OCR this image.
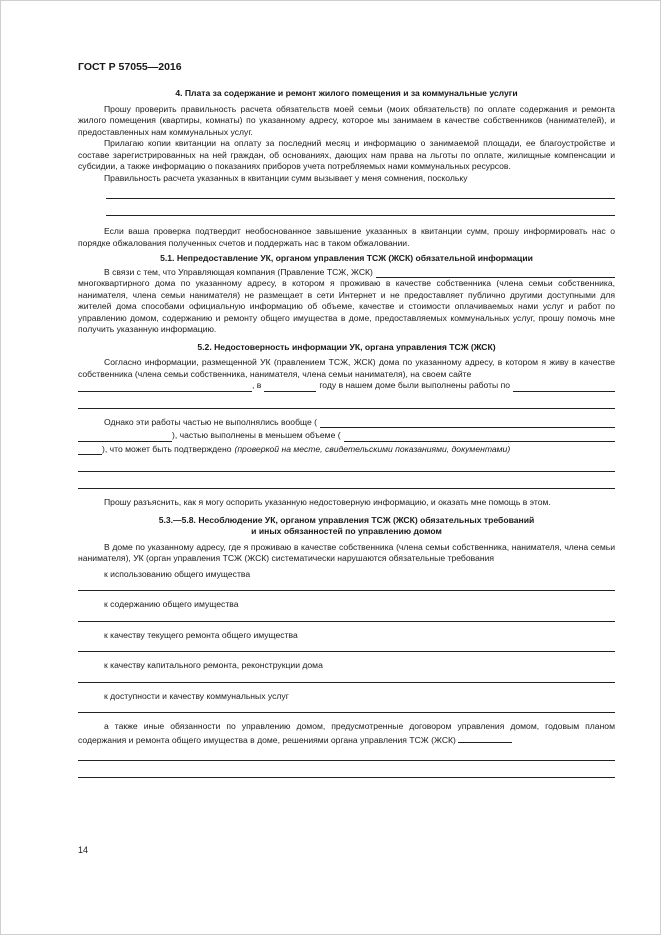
ГОСТ Р 57055—2016

4. Плата за содержание и ремонт жилого помещения и за коммунальные услуги

Прошу проверить правильность расчета обязательств моей семьи (моих обязательств) по оплате содержания и ремонта жилого помещения (квартиры, комнаты) по указанному адресу, которое мы занимаем в качестве собственников (нанимателей), и предоставленных нам коммунальных услуг.

Прилагаю копии квитанции на оплату за последний месяц и информацию о занимаемой площади, ее благоустройстве и составе зарегистрированных на ней граждан, об основаниях, дающих нам права на льготы по оплате, жилищные компенсации и субсидии, а также информацию о показаниях приборов учета потребляемых нами коммунальных ресурсов.

Правильность расчета указанных в квитанции сумм вызывает у меня сомнения, поскольку

Если ваша проверка подтвердит необоснованное завышение указанных в квитанции сумм, прошу информировать нас о порядке обжалования полученных счетов и поддержать нас в таком обжаловании.

5.1. Непредоставление УК, органом управления ТСЖ (ЖСК) обязательной информации

В связи с тем, что Управляющая компания (Правление ТСЖ, ЖСК)

многоквартирного дома по указанному адресу, в котором я проживаю в качестве собственника (члена семьи собственника, нанимателя, члена семьи нанимателя) не размещает в сети Интернет и не предоставляет публично другими доступными для жителей дома способами официальную информацию об объеме, качестве и стоимости оплачиваемых нами услуг и работ по управлению домом, содержанию и ремонту общего имущества в доме, предоставляемых коммунальных услуг, прошу помочь мне получить указанную информацию.

5.2. Недостоверность информации УК, органа управления ТСЖ (ЖСК)

Согласно информации, размещенной УК (правлением ТСЖ, ЖСК) дома по указанному адресу, в котором я живу в качестве собственника (члена семьи собственника, нанимателя, члена семьи нанимателя), на своем сайте

, в	году в нашем доме были выполнены работы по
Однако эти работы частью не выполнялись вообще (
), частью выполнены в меньшем объеме (
), что может быть подтверждено (проверкой на месте, свидетельскими показаниями, документами)

Прошу разъяснить, как я могу оспорить указанную недостоверную информацию, и оказать мне помощь в этом.

5.3.—5.8. Несоблюдение УК, органом управления ТСЖ (ЖСК) обязательных требований

и иных обязанностей по управлению домом

В доме по указанному адресу, где я проживаю в качестве собственника (члена семьи собственника, нанимателя, члена семьи нанимателя), УК (орган управления ТСЖ (ЖСК) систематически нарушаются обязательные требования

к использованию общего имущества

к содержанию общего имущества

к качеству текущего ремонта общего имущества

к качеству капитального ремонта, реконструкции дома

к доступности и качеству коммунальных услуг

а также иные обязанности по управлению домом, предусмотренные договором управления домом, годовым планом содержания и ремонта общего имущества в доме, решениями органа управления ТСЖ (ЖСК)

14
